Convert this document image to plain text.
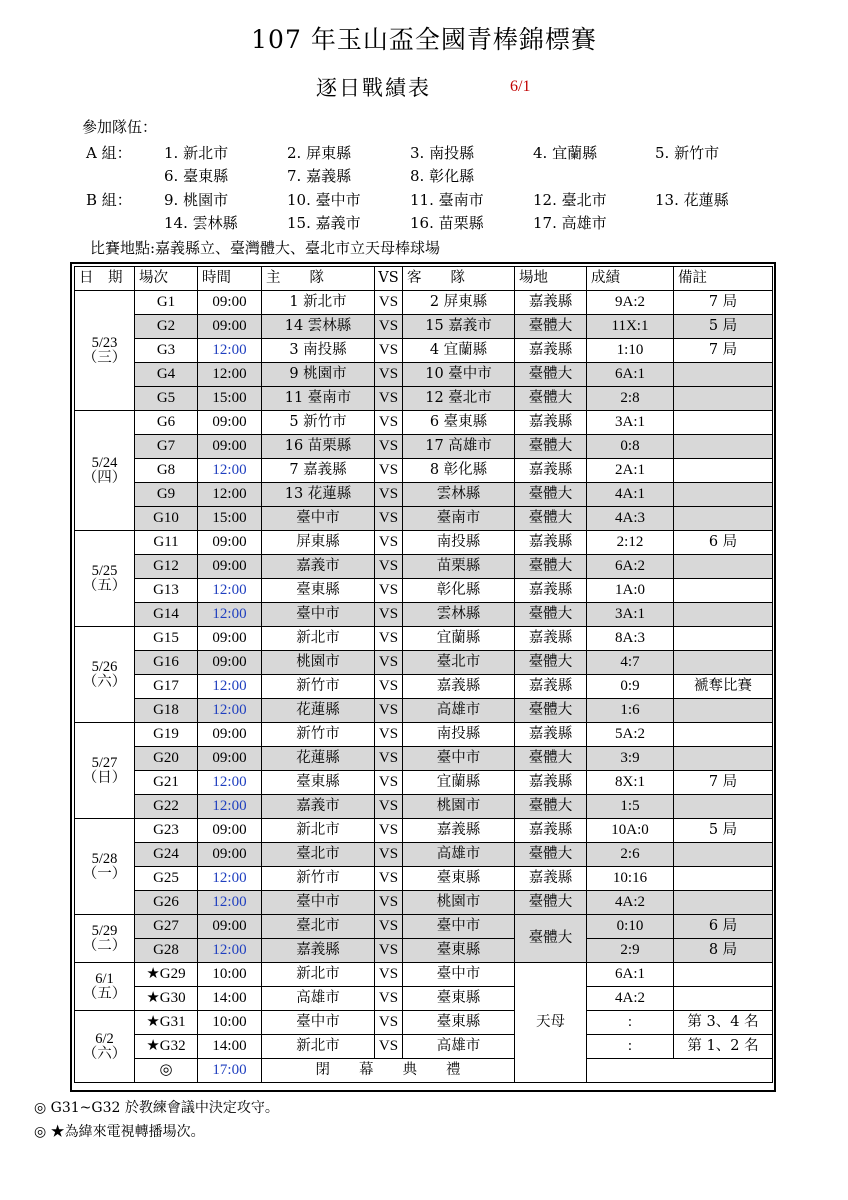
107 年玉山盃全國青棒錦標賽
逐日戰績表	6/1
參加隊伍：
A 組： 1. 新北市	2. 屏東縣	3. 南投縣	4. 宜蘭縣	5. 新竹市
6. 臺東縣	7. 嘉義縣	8. 彰化縣
B 組： 9. 桃園市	10. 臺中市	11. 臺南市	12. 臺北市	13. 花蓮縣
14. 雲林縣	15. 嘉義市	16. 苗栗縣	17. 高雄市
比賽地點:嘉義縣立、臺灣體大、臺北市立天母棒球場
日　期	場次	時間	主　　隊	VS	客　　隊	場地	成績	備註

5/23
（三）	G1	09:00	1 新北市	VS	2 屏東縣	嘉義縣	9A:2	7 局
	G2	09:00	14 雲林縣	VS	15 嘉義市	臺體大	11X:1	5 局
	G3	12:00	3 南投縣	VS	4 宜蘭縣	嘉義縣	1:10	7 局
	G4	12:00	9 桃園市	VS	10 臺中市	臺體大	6A:1	
	G5	15:00	11 臺南市	VS	12 臺北市	臺體大	2:8	

5/24
（四）	G6	09:00	5 新竹市	VS	6 臺東縣	嘉義縣	3A:1	
	G7	09:00	16 苗栗縣	VS	17 高雄市	臺體大	0:8	
	G8	12:00	7 嘉義縣	VS	8 彰化縣	嘉義縣	2A:1	
	G9	12:00	13 花蓮縣	VS	雲林縣	臺體大	4A:1	
	G10	15:00	臺中市	VS	臺南市	臺體大	4A:3	

5/25
（五）	G11	09:00	屏東縣	VS	南投縣	嘉義縣	2:12	6 局
	G12	09:00	嘉義市	VS	苗栗縣	臺體大	6A:2	
	G13	12:00	臺東縣	VS	彰化縣	嘉義縣	1A:0	
	G14	12:00	臺中市	VS	雲林縣	臺體大	3A:1	

5/26
（六）	G15	09:00	新北市	VS	宜蘭縣	嘉義縣	8A:3	
	G16	09:00	桃園市	VS	臺北市	臺體大	4:7	
	G17	12:00	新竹市	VS	嘉義縣	嘉義縣	0:9	褫奪比賽
	G18	12:00	花蓮縣	VS	高雄市	臺體大	1:6	

5/27
（日）	G19	09:00	新竹市	VS	南投縣	嘉義縣	5A:2	
	G20	09:00	花蓮縣	VS	臺中市	臺體大	3:9	
	G21	12:00	臺東縣	VS	宜蘭縣	嘉義縣	8X:1	7 局
	G22	12:00	嘉義市	VS	桃園市	臺體大	1:5	

5/28
（一）	G23	09:00	新北市	VS	嘉義縣	嘉義縣	10A:0	5 局
	G24	09:00	臺北市	VS	高雄市	臺體大	2:6	
	G25	12:00	新竹市	VS	臺東縣	嘉義縣	10:16	
	G26	12:00	臺中市	VS	桃園市	臺體大	4A:2	

5/29
（二）	G27	09:00	臺北市	VS	臺中市	臺體大	0:10	6 局
	G28	12:00	嘉義縣	VS	臺東縣		2:9	8 局

6/1
（五）	★G29	10:00	新北市	VS	臺中市	天母	6A:1	
	★G30	14:00	高雄市	VS	臺東縣		4A:2	

6/2
（六）	★G31	10:00	臺中市	VS	臺東縣		:	第 3、4 名
	★G32	14:00	新北市	VS	高雄市		:	第 1、2 名
	◎	17:00	閉　　幕　　典　　禮					
◎ G31~G32 於教練會議中決定攻守。
◎ ★為緯來電視轉播場次。
